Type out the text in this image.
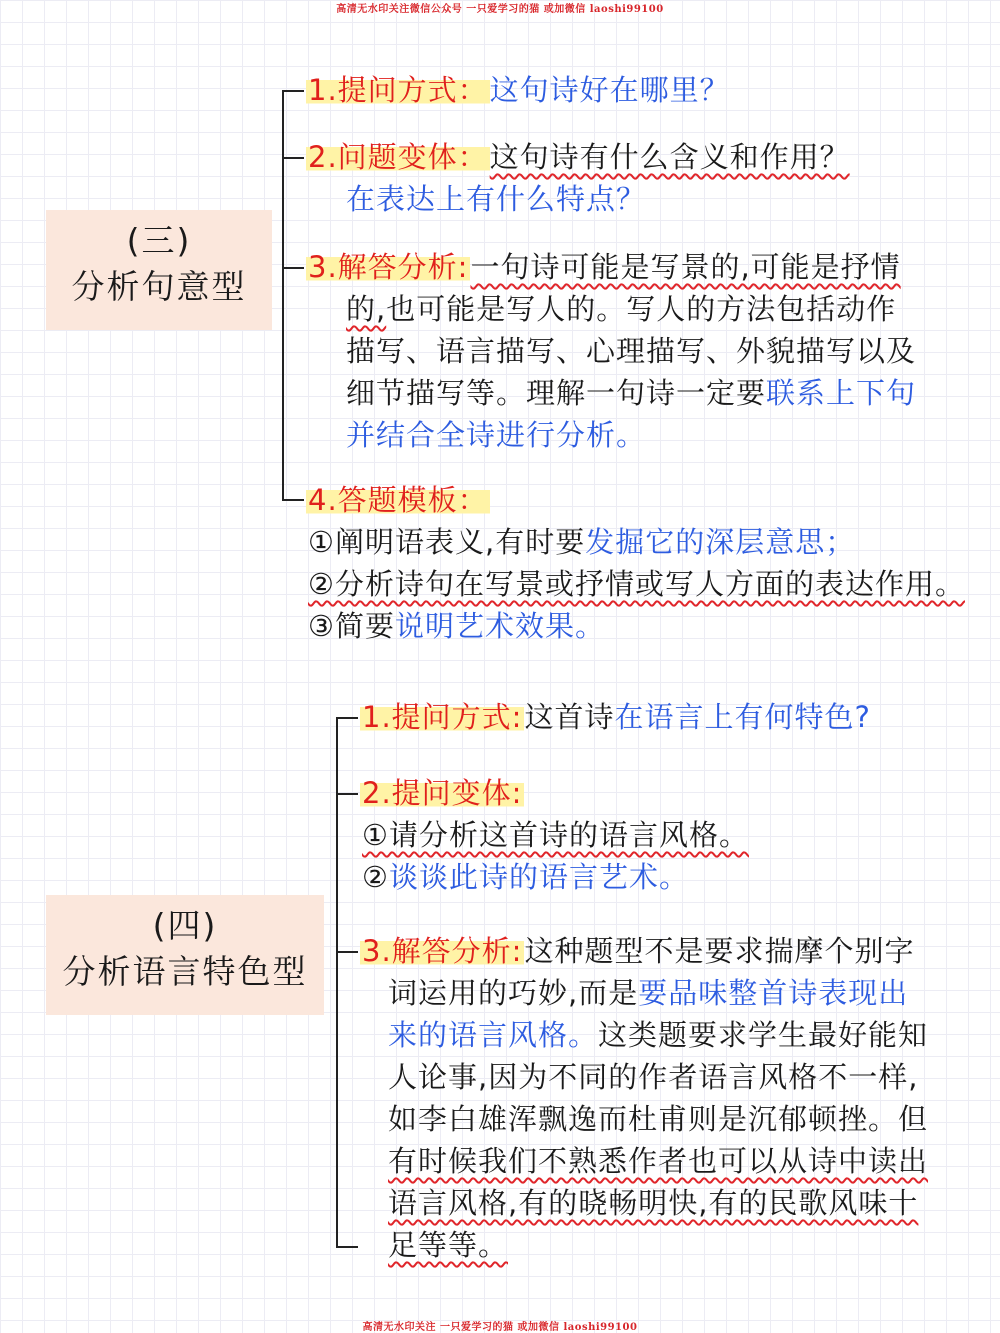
高清无水印关注微信公众号 一只爱学习的猫 或加微信 laoshi99100
(三)
分析句意型
1.提问方式：这句诗好在哪里？
2.问题变体：这句诗有什么含义和作用？
在表达上有什么特点？
3.解答分析:一句诗可能是写景的,可能是抒情
的,也可能是写人的。写人的方法包括动作
描写、语言描写、心理描写、外貌描写以及
细节描写等。理解一句诗一定要联系上下句
并结合全诗进行分析。
4.答题模板：
①阐明语表义,有时要发掘它的深层意思；
②分析诗句在写景或抒情或写人方面的表达作用。
③简要说明艺术效果。
(四)
分析语言特色型
1.提问方式:这首诗在语言上有何特色?
2.提问变体:
①请分析这首诗的语言风格。
②谈谈此诗的语言艺术。
3.解答分析:这种题型不是要求揣摩个别字
词运用的巧妙,而是要品味整首诗表现出
来的语言风格。这类题要求学生最好能知
人论事,因为不同的作者语言风格不一样,
如李白雄浑飘逸而杜甫则是沉郁顿挫。但
有时候我们不熟悉作者也可以从诗中读出
语言风格,有的晓畅明快,有的民歌风味十
足等等。
高清无水印关注 一只爱学习的猫 或加微信 laoshi99100
